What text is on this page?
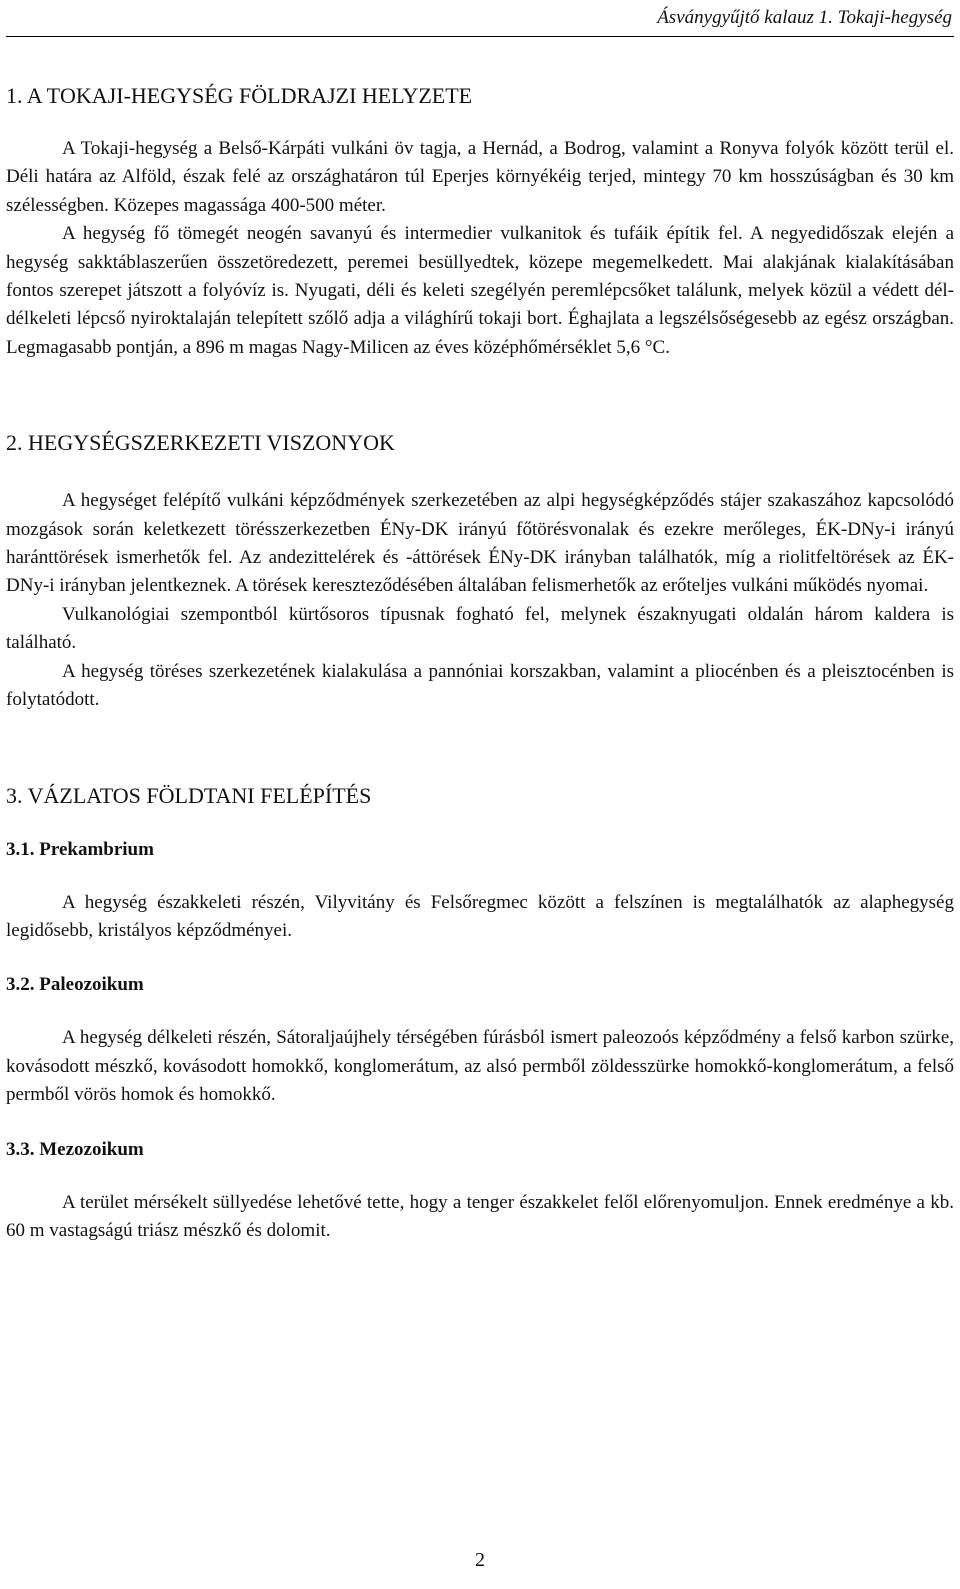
Ásványgyűjtő kalauz 1. Tokaji-hegység
1. A TOKAJI-HEGYSÉG FÖLDRAJZI HELYZETE

A Tokaji-hegység a Belső-Kárpáti vulkáni öv tagja, a Hernád, a Bodrog, valamint a Ronyva folyók között terül el. Déli határa az Alföld, észak felé az országhatáron túl Eperjes környékéig terjed, mintegy 70 km hosszúságban és 30 km szélességben. Közepes magassága 400-500 méter.

A hegység fő tömegét neogén savanyú és intermedier vulkanitok és tufáik építik fel. A negyedidőszak elején a hegység sakktáblaszerűen összetöredezett, peremei besüllyedtek, közepe megemelkedett. Mai alakjának kialakításában fontos szerepet játszott a folyóvíz is. Nyugati, déli és keleti szegélyén peremlépcsőket találunk, melyek közül a védett dél-délkeleti lépcső nyiroktalaján telepített szőlő adja a világhírű tokaji bort. Éghajlata a legszélsőségesebb az egész országban. Legmagasabb pontján, a 896 m magas Nagy-Milicen az éves középhőmérséklet 5,6 °C.

2. HEGYSÉGSZERKEZETI VISZONYOK

A hegységet felépítő vulkáni képződmények szerkezetében az alpi hegységképződés stájer szakaszához kapcsolódó mozgások során keletkezett törésszerkezetben ÉNy-DK irányú főtörésvonalak és ezekre merőleges, ÉK-DNy-i irányú haránttörések ismerhetők fel. Az andezittelérek és -áttörések ÉNy-DK irányban találhatók, míg a riolitfeltörések az ÉK-DNy-i irányban jelentkeznek. A törések kereszteződésében általában felismerhetők az erőteljes vulkáni működés nyomai.

Vulkanológiai szempontból kürtősoros típusnak fogható fel, melynek északnyugati oldalán három kaldera is található.

A hegység töréses szerkezetének kialakulása a pannóniai korszakban, valamint a pliocénben és a pleisztocénben is folytatódott.

3. VÁZLATOS FÖLDTANI FELÉPÍTÉS
3.1. Prekambrium

A hegység északkeleti részén, Vilyvitány és Felsőregmec között a felszínen is megtalálhatók az alaphegység legidősebb, kristályos képződményei.

3.2. Paleozoikum

A hegység délkeleti részén, Sátoraljaújhely térségében fúrásból ismert paleozoós képződmény a felső karbon szürke, kovásodott mészkő, kovásodott homokkő, konglomerátum, az alsó permből zöldesszürke homokkő-konglomerátum, a felső permből vörös homok és homokkő.

3.3. Mezozoikum

A terület mérsékelt süllyedése lehetővé tette, hogy a tenger északkelet felől előrenyomuljon. Ennek eredménye a kb. 60 m vastagságú triász mészkő és dolomit.

2
